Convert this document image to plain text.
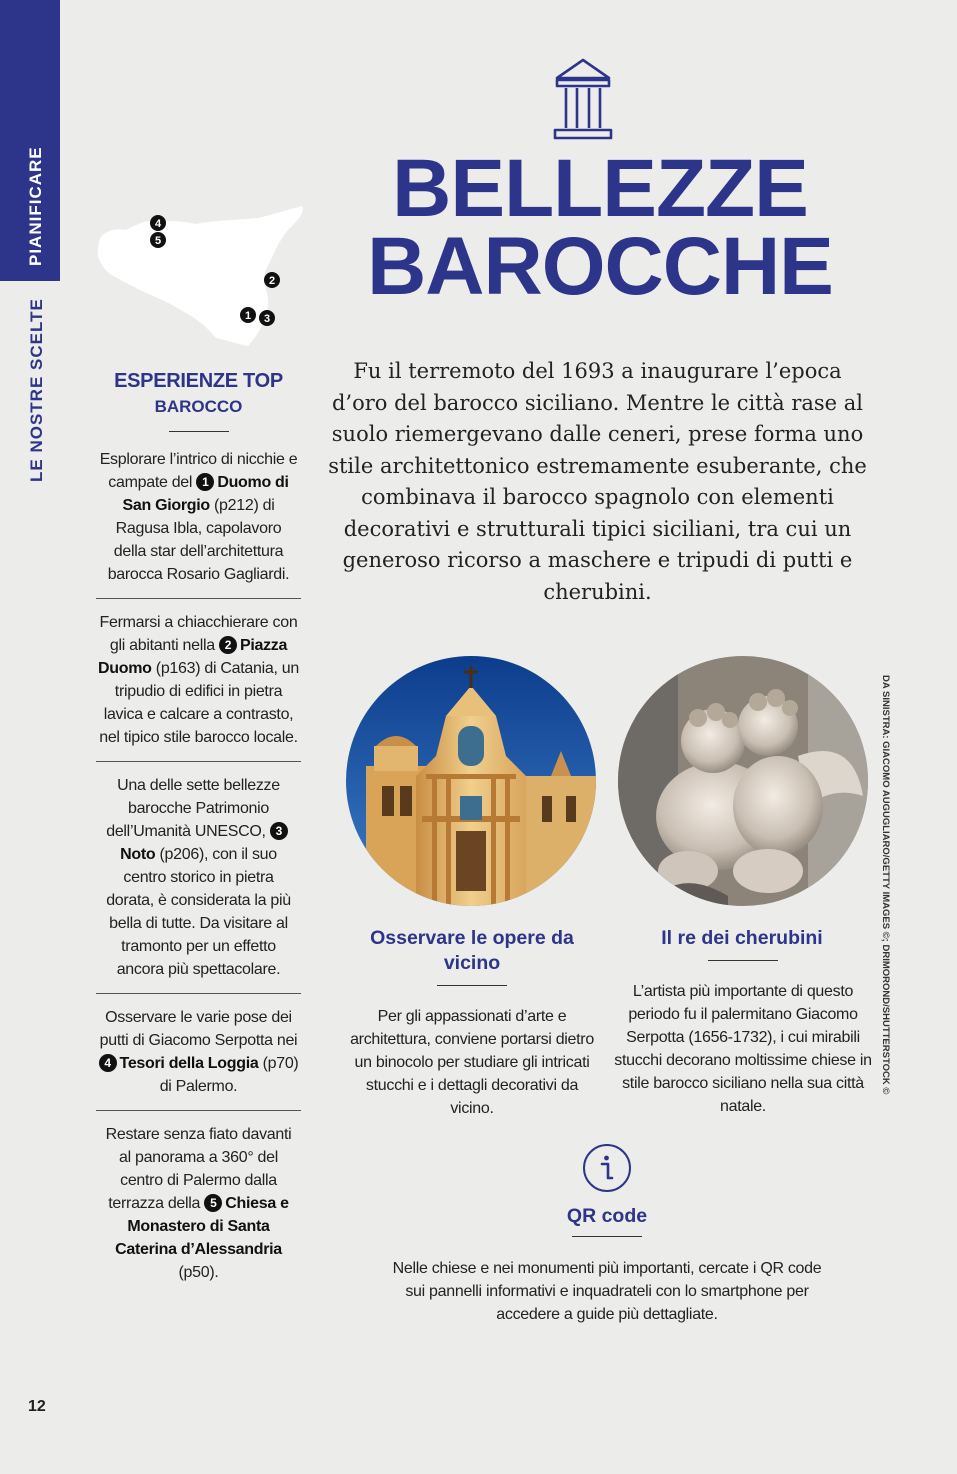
PIANIFICARE
LE NOSTRE SCELTE
4
5
2
1 3
ESPERIENZE TOP
BAROCCO
Esplorare l’intrico di nicchie e campate del 1 Duomo di San Giorgio (p212) di Ragusa Ibla, capolavoro della star dell’architettura barocca Rosario Gagliardi.
Fermarsi a chiacchierare con gli abitanti nella 2 Piazza Duomo (p163) di Catania, un tripudio di edifici in pietra lavica e calcare a contrasto, nel tipico stile barocco locale.
Una delle sette bellezze barocche Patrimonio dell’Umanità UNESCO, 3Noto (p206), con il suo centro storico in pietra dorata, è considerata la più bella di tutte. Da visitare al tramonto per un effetto ancora più spettacolare.
Osservare le varie pose dei putti di Giacomo Serpotta nei 4 Tesori della Loggia (p70) di Palermo.
Restare senza fiato davanti al panorama a 360° del centro di Palermo dalla terrazza della 5 Chiesa e Monastero di Santa Caterina d’Alessandria (p50).
12
BELLEZZE
BAROCCHE
Fu il terremoto del 1693 a inaugurare l’epoca d’oro del barocco siciliano. Mentre le città rase al suolo riemergevano dalle ceneri, prese forma uno stile architettonico estremamente esuberante, che combinava il barocco spagnolo con elementi decorativi e strutturali tipici siciliani, tra cui un generoso ricorso a maschere e tripudi di putti e cherubini.
DA SINISTRA: GIACOMO AUGUGLIARO/GETTY IMAGES ©; DRIMOROND/SHUTTERSTOCK ©
Osservare le opere da vicino
Per gli appassionati d’arte e architettura, conviene portarsi dietro un binocolo per studiare gli intricati stucchi e i dettagli decorativi da vicino.
Il re dei cherubini
L’artista più importante di questo periodo fu il palermitano Giacomo Serpotta (1656-1732), i cui mirabili stucchi decorano moltissime chiese in stile barocco siciliano nella sua città natale.
QR code
Nelle chiese e nei monumenti più importanti, cercate i QR code sui pannelli informativi e inquadrateli con lo smartphone per accedere a guide più dettagliate.
